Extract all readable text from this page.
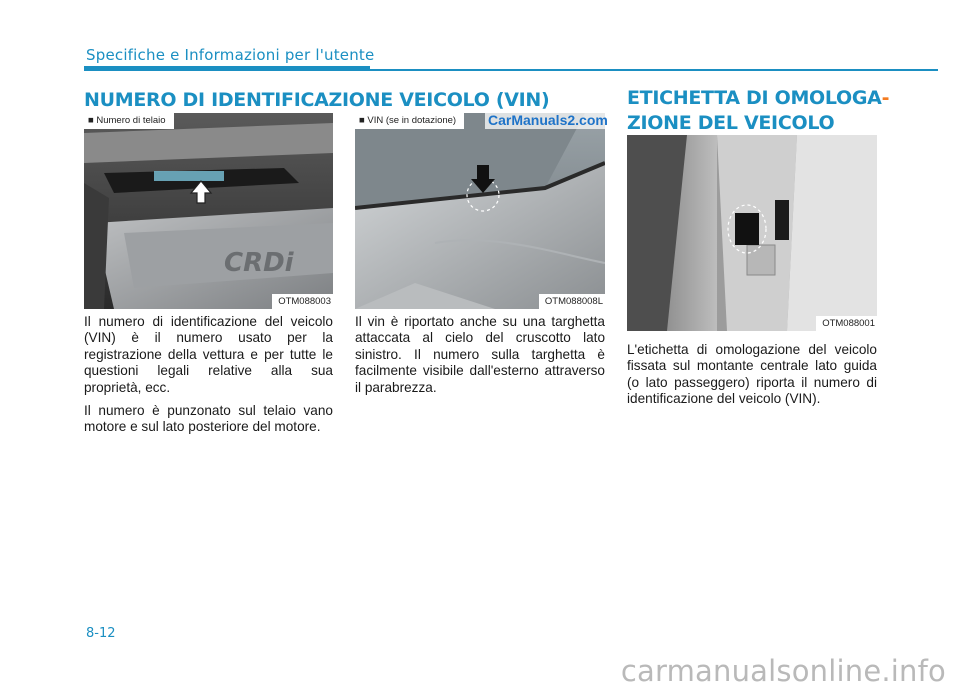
Specifiche e Informazioni per l'utente
NUMERO DI IDENTIFICAZIONE VEICOLO (VIN)
CRDi
■ Numero di telaio
OTM088003
■ VIN (se in dotazione)
OTM088008L
CarManuals2.com

Il numero di identificazione del veicolo (VIN) è il numero usato per la registrazione della vettura e per tutte le questioni legali relative alla sua proprietà, ecc.

Il numero è punzonato sul telaio vano motore e sul lato posteriore del motore.

Il vin è riportato anche su una targhetta attaccata al cielo del cruscotto lato sinistro. Il numero sulla targhetta è facilmente visibile dall'esterno attraverso il parabrezza.

ETICHETTA DI OMOLOGA-
ZIONE DEL VEICOLO
OTM088001

L'etichetta di omologazione del veicolo fissata sul montante centrale lato guida (o lato passeggero) riporta il numero di identificazione del veicolo (VIN).

8-12
carmanualsonline.info
